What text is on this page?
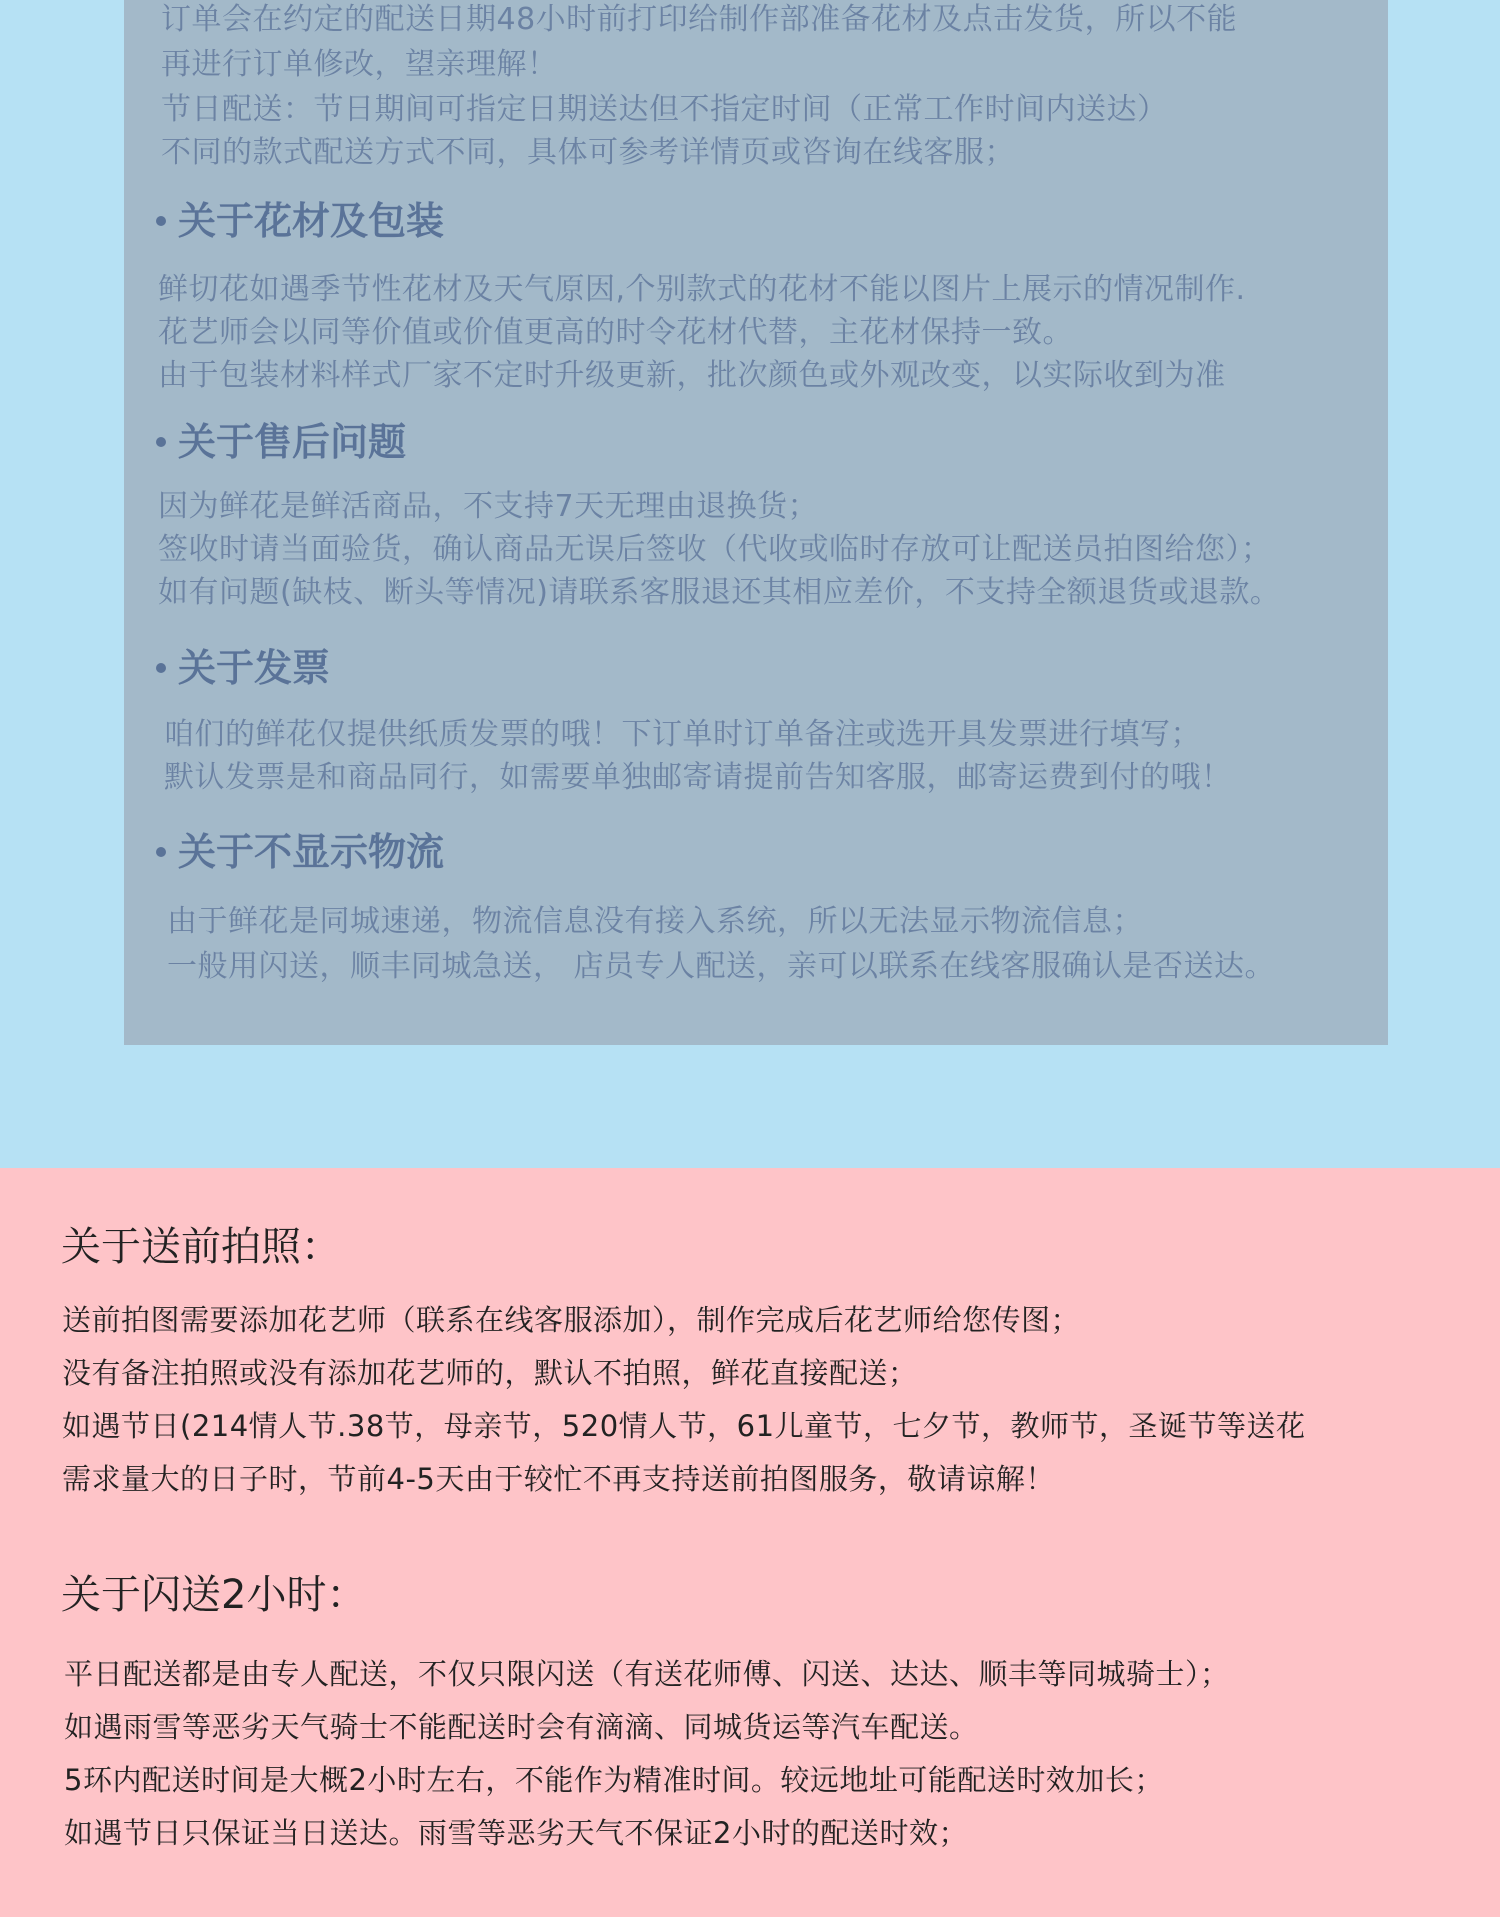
订单会在约定的配送日期48小时前打印给制作部准备花材及点击发货，所以不能

再进行订单修改，望亲理解！

节日配送：节日期间可指定日期送达但不指定时间（正常工作时间内送达）

不同的款式配送方式不同，具体可参考详情页或咨询在线客服；

关于花材及包装

鲜切花如遇季节性花材及天气原因,个别款式的花材不能以图片上展示的情况制作.

花艺师会以同等价值或价值更高的时令花材代替，主花材保持一致。

由于包装材料样式厂家不定时升级更新，批次颜色或外观改变，以实际收到为准

关于售后问题

因为鲜花是鲜活商品，不支持7天无理由退换货；

签收时请当面验货，确认商品无误后签收（代收或临时存放可让配送员拍图给您）；

如有问题(缺枝、断头等情况)请联系客服退还其相应差价，不支持全额退货或退款。

关于发票

咱们的鲜花仅提供纸质发票的哦！下订单时订单备注或选开具发票进行填写；

默认发票是和商品同行，如需要单独邮寄请提前告知客服，邮寄运费到付的哦！

关于不显示物流

由于鲜花是同城速递，物流信息没有接入系统，所以无法显示物流信息；

一般用闪送，顺丰同城急送， 店员专人配送，亲可以联系在线客服确认是否送达。

关于送前拍照：

送前拍图需要添加花艺师（联系在线客服添加），制作完成后花艺师给您传图；

没有备注拍照或没有添加花艺师的，默认不拍照，鲜花直接配送；

如遇节日(214情人节.38节，母亲节，520情人节，61儿童节，七夕节，教师节，圣诞节等送花

需求量大的日子时，节前4-5天由于较忙不再支持送前拍图服务，敬请谅解！

关于闪送2小时：

平日配送都是由专人配送，不仅只限闪送（有送花师傅、闪送、达达、顺丰等同城骑士）；

如遇雨雪等恶劣天气骑士不能配送时会有滴滴、同城货运等汽车配送。

5环内配送时间是大概2小时左右，不能作为精准时间。较远地址可能配送时效加长；

如遇节日只保证当日送达。雨雪等恶劣天气不保证2小时的配送时效；
